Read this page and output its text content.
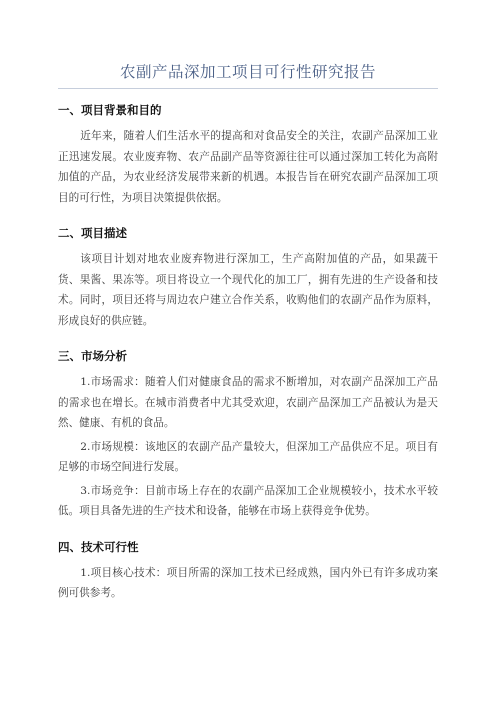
农副产品深加工项目可行性研究报告
一、项目背景和目的

近年来，随着人们生活水平的提高和对食品安全的关注，农副产品深加工业正迅速发展。农业废弃物、农产品副产品等资源往往可以通过深加工转化为高附加值的产品，为农业经济发展带来新的机遇。本报告旨在研究农副产品深加工项目的可行性，为项目决策提供依据。

二、项目描述

该项目计划对地农业废弃物进行深加工，生产高附加值的产品，如果蔬干货、果酱、果冻等。项目将设立一个现代化的加工厂，拥有先进的生产设备和技术。同时，项目还将与周边农户建立合作关系，收购他们的农副产品作为原料，形成良好的供应链。

三、市场分析

1.市场需求：随着人们对健康食品的需求不断增加，对农副产品深加工产品的需求也在增长。在城市消费者中尤其受欢迎，农副产品深加工产品被认为是天然、健康、有机的食品。

2.市场规模：该地区的农副产品产量较大，但深加工产品供应不足。项目有足够的市场空间进行发展。

3.市场竞争：目前市场上存在的农副产品深加工企业规模较小，技术水平较低。项目具备先进的生产技术和设备，能够在市场上获得竞争优势。

四、技术可行性

1.项目核心技术：项目所需的深加工技术已经成熟，国内外已有许多成功案例可供参考。
